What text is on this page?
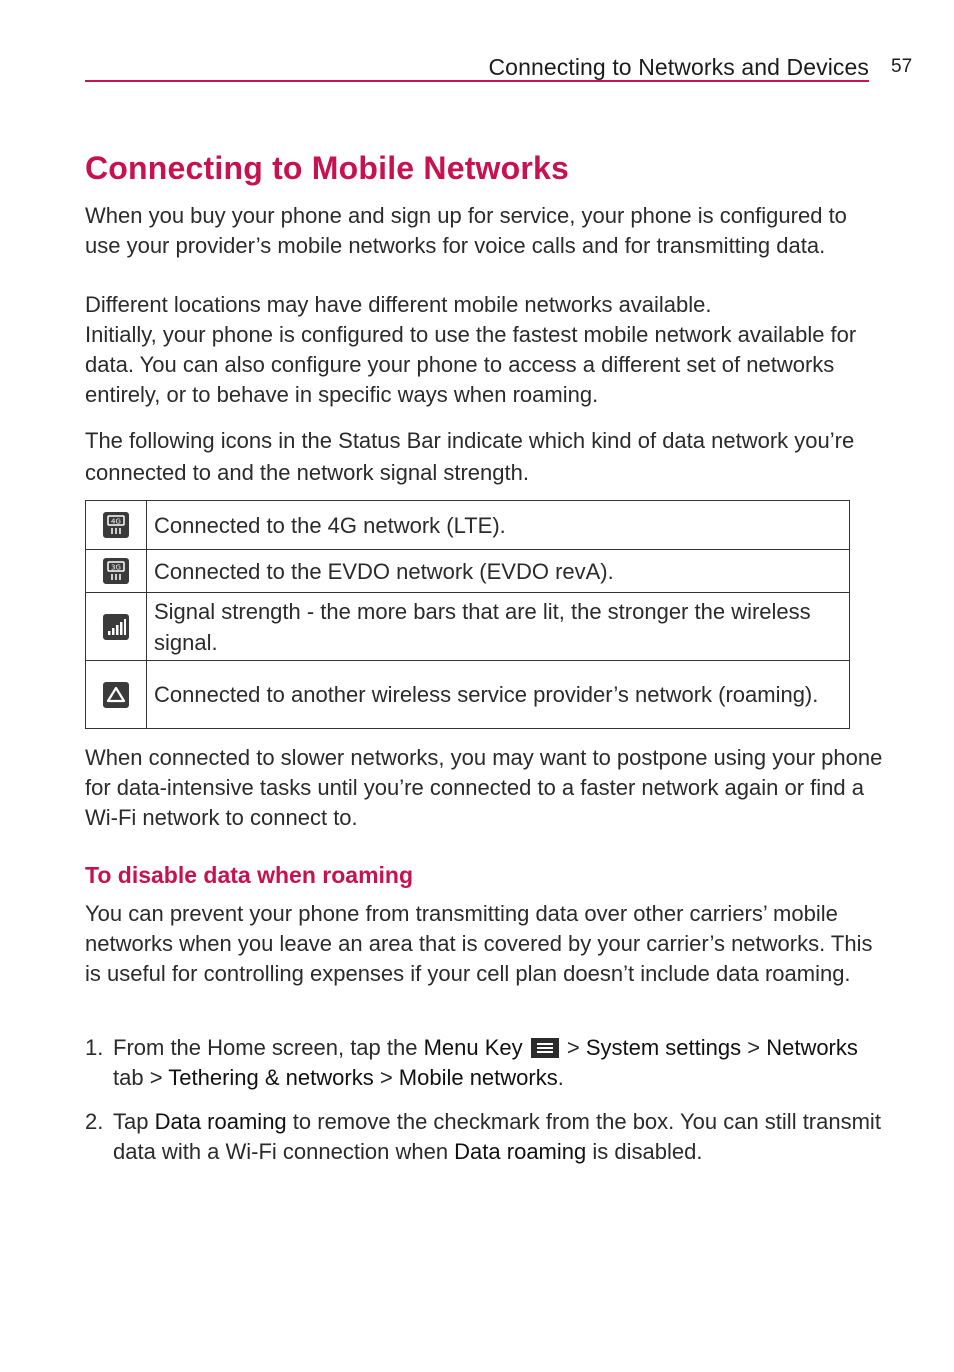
Connecting to Networks and Devices 57
Connecting to Mobile Networks

When you buy your phone and sign up for service, your phone is configured to use your provider’s mobile networks for voice calls and for transmitting data.

Different locations may have different mobile networks available.

Initially, your phone is configured to use the fastest mobile network available for data. You can also configure your phone to access a different set of networks entirely, or to behave in specific ways when roaming.

The following icons in the Status Bar indicate which kind of data network you’re connected to and the network signal strength.

4G	Connected to the 4G network (LTE).

3G	Connected to the EVDO network (EVDO revA).

	Signal strength - the more bars that are lit, the stronger the wireless signal.

	Connected to another wireless service provider’s network (roaming).

When connected to slower networks, you may want to postpone using your phone for data-intensive tasks until you’re connected to a faster network again or find a Wi-Fi network to connect to.

To disable data when roaming

You can prevent your phone from transmitting data over other carriers’ mobile networks when you leave an area that is covered by your carrier’s networks. This is useful for controlling expenses if your cell plan doesn’t include data roaming.

1. From the Home screen, tap the Menu Key
> System settings > Networks tab > Tethering & networks > Mobile networks.
2. Tap Data roaming to remove the checkmark from the box. You can still transmit data with a Wi-Fi connection when Data roaming is disabled.
